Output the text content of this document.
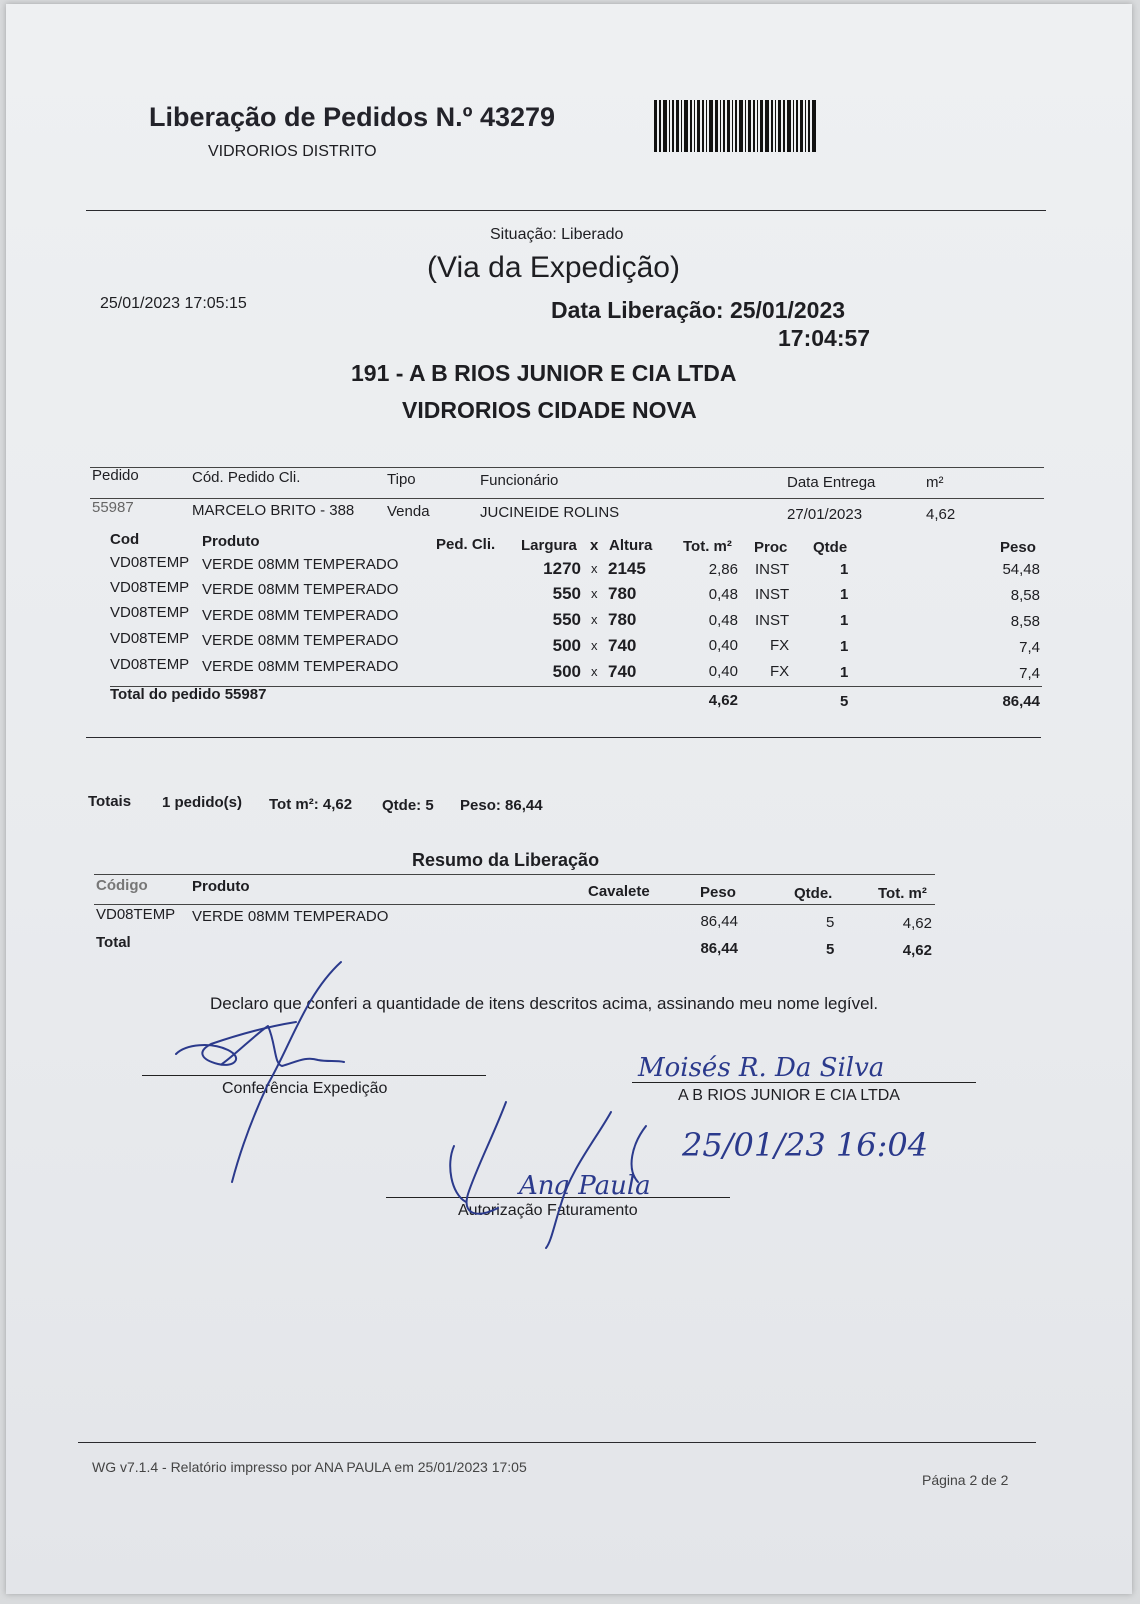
Liberação de Pedidos N.º 43279
VIDRORIOS DISTRITO
Situação: Liberado
(Via da Expedição)
25/01/2023 17:05:15	Data Liberação: 25/01/2023
17:04:57
191 - A B RIOS JUNIOR E CIA LTDA
VIDRORIOS CIDADE NOVA
Pedido	Cód. Pedido Cli.	Tipo	Funcionário	Data Entrega	m²
55987	MARCELO BRITO - 388 Venda	JUCINEIDE ROLINS	27/01/2023	4,62
Cod	Produto	Ped. Cli. Largura x Altura Tot. m² Proc Qtde	Peso
VD08TEMP VERDE 08MM TEMPERADO	1270 x 2145	2,86 INST	1	54,48
VD08TEMP VERDE 08MM TEMPERADO	550 x 780	0,48 INST	1	8,58
VD08TEMP VERDE 08MM TEMPERADO	550 x 780	0,48 INST	1	8,58
VD08TEMP VERDE 08MM TEMPERADO	500 x 740	0,40 FX	1	7,4
VD08TEMP VERDE 08MM TEMPERADO	500 x 740	0,40 FX	1	7,4
Total do pedido 55987	4,62	5	86,44
Totais 1 pedido(s) Tot m²: 4,62 Qtde: 5 Peso: 86,44
Resumo da Liberação
Código	Produto	Cavalete	Peso	Qtde.	Tot. m²
VD08TEMP VERDE 08MM TEMPERADO	86,44	5	4,62
Total	86,44	5	4,62
Declaro que conferi a quantidade de itens descritos acima, assinando meu nome legível.
Conferência Expedição	A B RIOS JUNIOR E CIA LTDA
Autorização Faturamento
Ana Paula
Moisés R. Da Silva
25/01/23 16:04
WG v7.1.4 - Relatório impresso por ANA PAULA em 25/01/2023 17:05
Página 2 de 2
